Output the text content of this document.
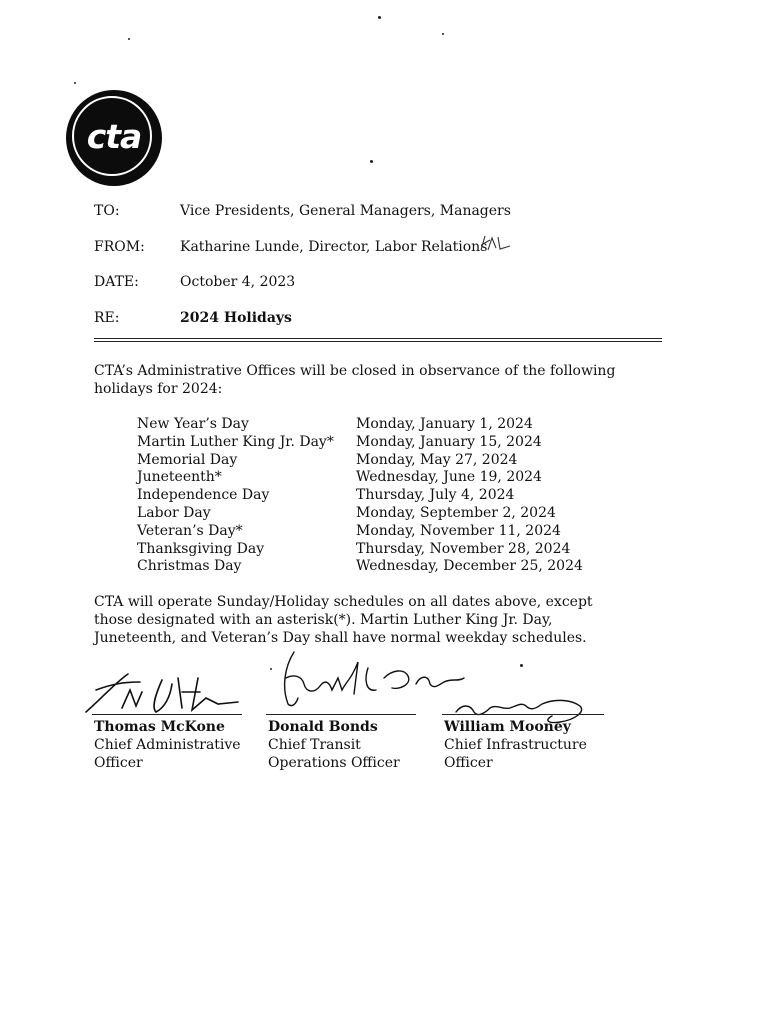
cta
TO:	Vice Presidents, General Managers, Managers
FROM:	Katharine Lunde, Director, Labor Relations
DATE:	October 4, 2023
RE:	2024 Holidays
CTA’s Administrative Offices will be closed in observance of the following holidays for 2024:
New Year’s Day	Monday, January 1, 2024
Martin Luther King Jr. Day* Monday, January 15, 2024
Memorial Day	Monday, May 27, 2024
Juneteenth*	Wednesday, June 19, 2024
Independence Day	Thursday, July 4, 2024
Labor Day	Monday, September 2, 2024
Veteran’s Day*	Monday, November 11, 2024
Thanksgiving Day	Thursday, November 28, 2024
Christmas Day	Wednesday, December 25, 2024
CTA will operate Sunday/Holiday schedules on all dates above, except those designated with an asterisk(*). Martin Luther King Jr. Day, Juneteenth, and Veteran’s Day shall have normal weekday schedules.
Thomas McKone
Chief Administrative
Officer
Donald Bonds
Chief Transit
Operations Officer
William Mooney
Chief Infrastructure
Officer
